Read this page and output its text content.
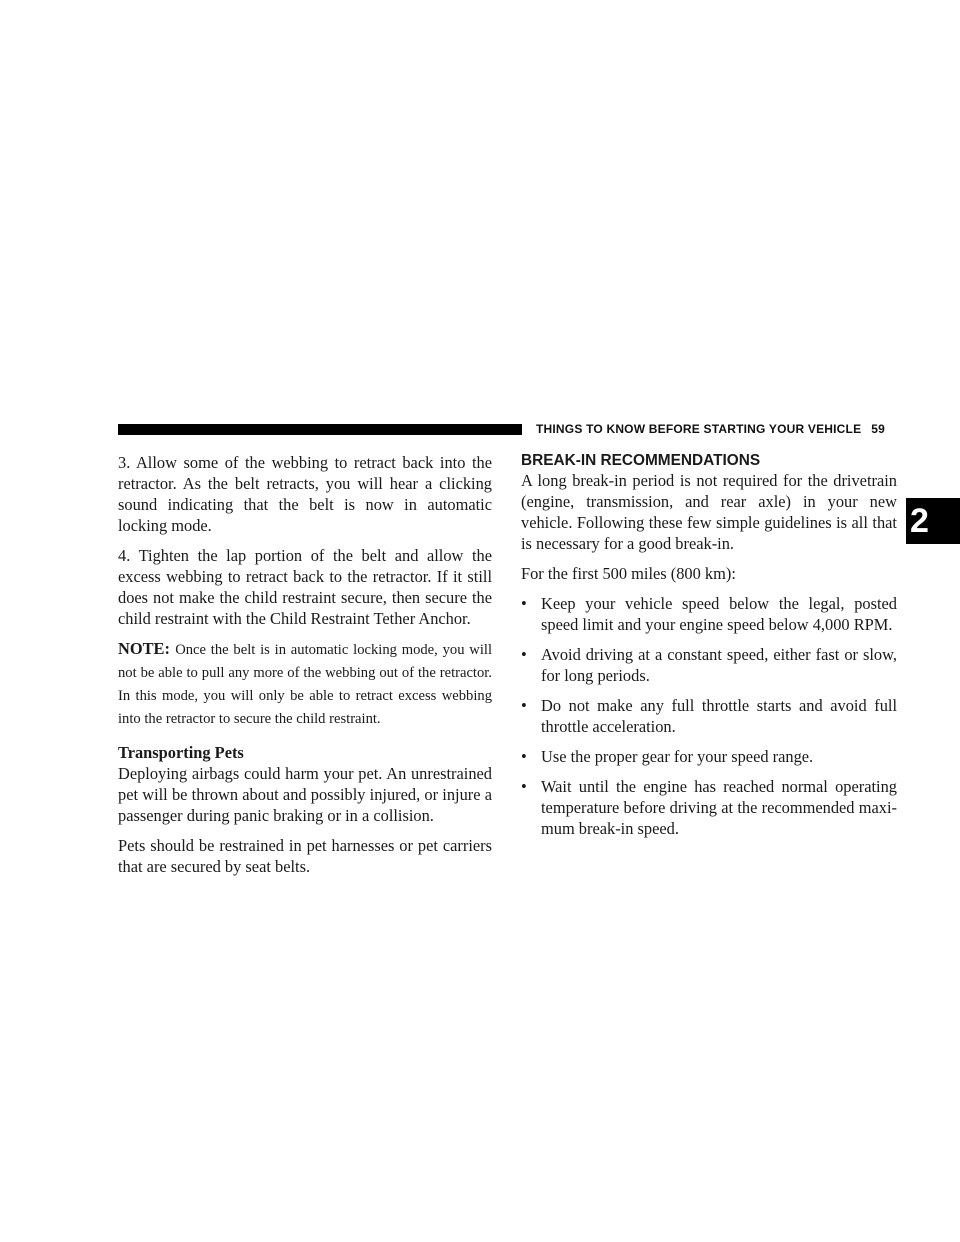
THINGS TO KNOW BEFORE STARTING YOUR VEHICLE 59
2

3. Allow some of the webbing to retract back into the retractor. As the belt retracts, you will hear a clicking sound indicating that the belt is now in automatic locking mode.

4. Tighten the lap portion of the belt and allow the excess webbing to retract back to the retractor. If it still does not make the child restraint secure, then secure the child restraint with the Child Restraint Tether Anchor.

NOTE: Once the belt is in automatic locking mode, you will not be able to pull any more of the webbing out of the retractor. In this mode, you will only be able to retract excess webbing into the retractor to secure the child restraint.

Transporting Pets

Deploying airbags could harm your pet. An unrestrained pet will be thrown about and possibly injured, or injure a passenger during panic braking or in a collision.

Pets should be restrained in pet harnesses or pet carriers that are secured by seat belts.

BREAK-IN RECOMMENDATIONS

A long break-in period is not required for the drivetrain (engine, transmission, and rear axle) in your new vehicle. Following these few simple guidelines is all that is necessary for a good break-in.

For the first 500 miles (800 km):

• Keep your vehicle speed below the legal, posted speed limit and your engine speed below 4,000 RPM.
• Avoid driving at a constant speed, either fast or slow, for long periods.
• Do not make any full throttle starts and avoid full throttle acceleration.
• Use the proper gear for your speed range.
• Wait until the engine has reached normal operating temperature before driving at the recommended maxi- mum break-in speed.
